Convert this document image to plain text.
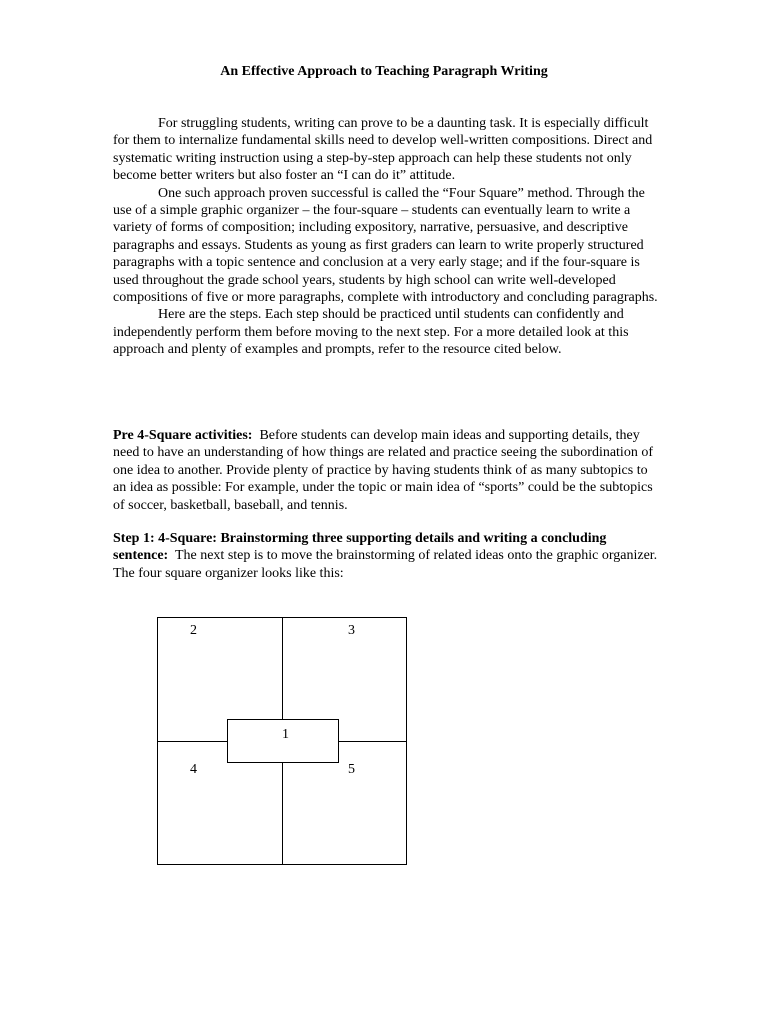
An Effective Approach to Teaching Paragraph Writing

For struggling students, writing can prove to be a daunting task. It is especially difficult for them to internalize fundamental skills need to develop well-written compositions. Direct and systematic writing instruction using a step-by-step approach can help these students not only become better writers but also foster an “I can do it” attitude.

One such approach proven successful is called the “Four Square” method. Through the use of a simple graphic organizer – the four-square – students can eventually learn to write a variety of forms of composition; including expository, narrative, persuasive, and descriptive paragraphs and essays. Students as young as first graders can learn to write properly structured paragraphs with a topic sentence and conclusion at a very early stage; and if the four-square is used throughout the grade school years, students by high school can write well-developed compositions of five or more paragraphs, complete with introductory and concluding paragraphs.

Here are the steps. Each step should be practiced until students can confidently and independently perform them before moving to the next step. For a more detailed look at this approach and plenty of examples and prompts, refer to the resource cited below.

Pre 4-Square activities: Before students can develop main ideas and supporting details, they need to have an understanding of how things are related and practice seeing the subordination of one idea to another. Provide plenty of practice by having students think of as many subtopics to an idea as possible: For example, under the topic or main idea of “sports” could be the subtopics of soccer, basketball, baseball, and tennis.

Step 1: 4-Square: Brainstorming three supporting details and writing a concluding sentence: The next step is to move the brainstorming of related ideas onto the graphic organizer. The four square organizer looks like this:

2	3
4	5
1
